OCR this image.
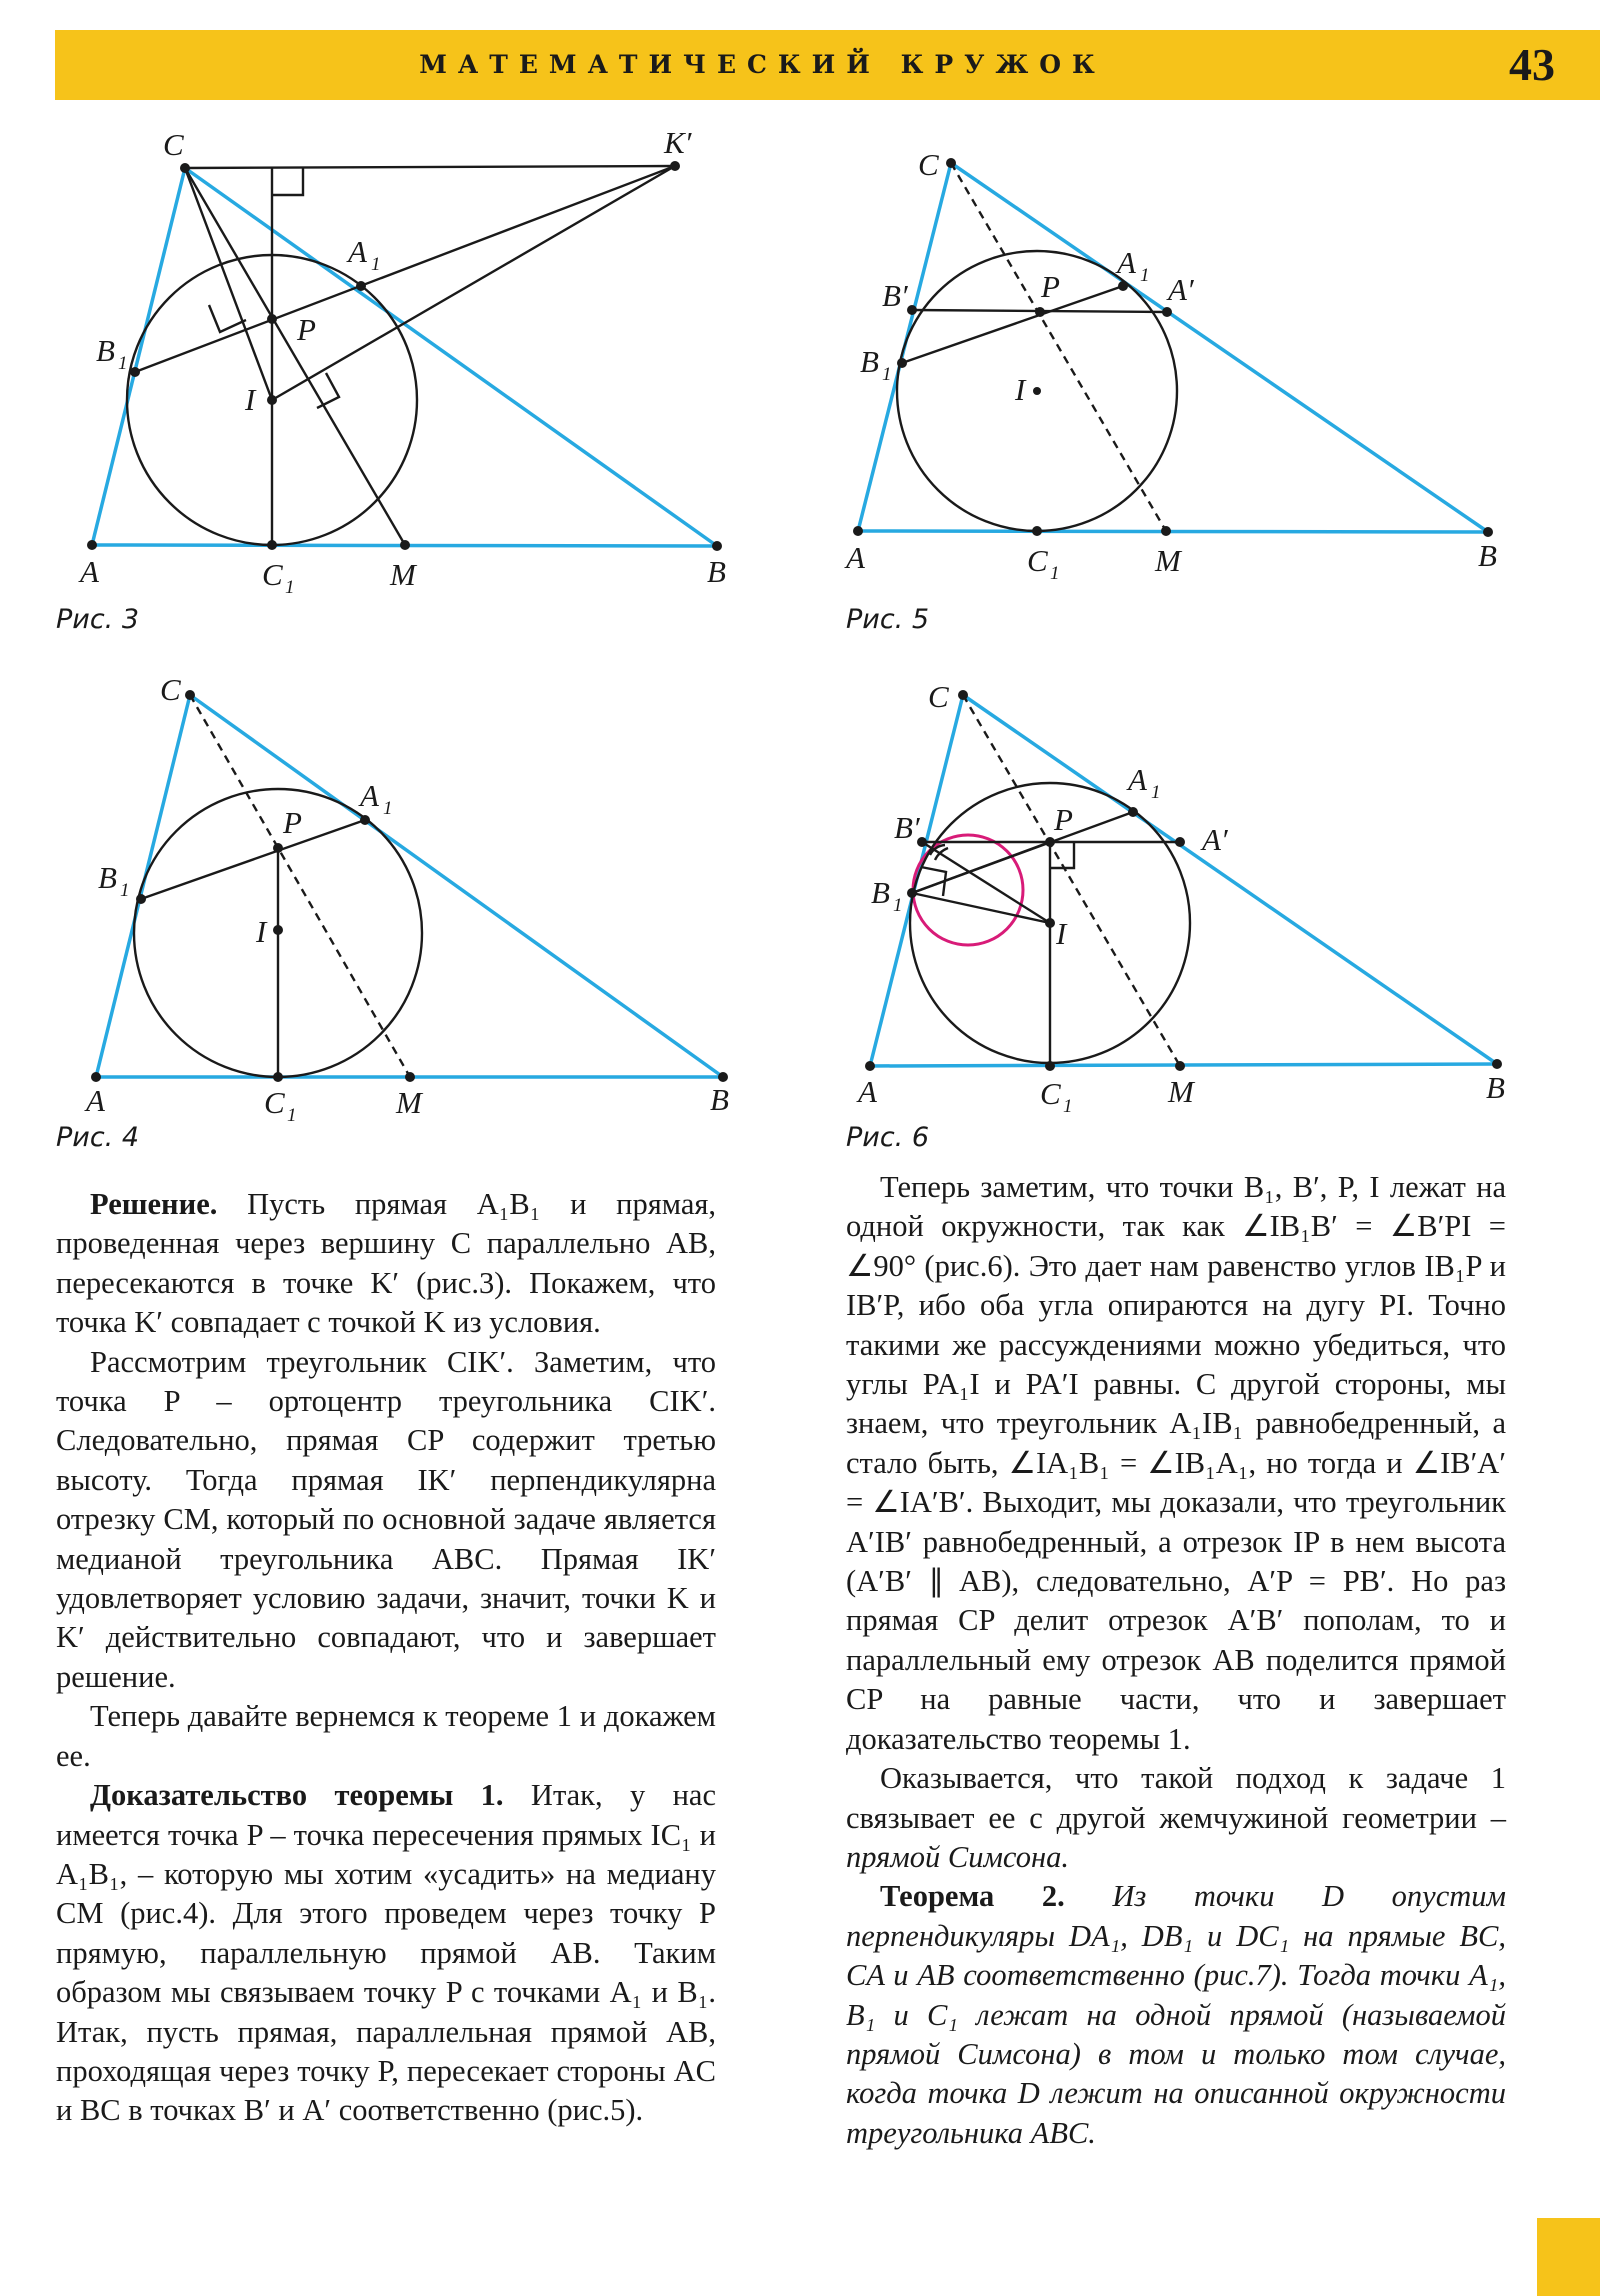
МАТЕМАТИЧЕСКИЙ КРУЖОК	43
C	K′
A 1
B 1
P
I
A	C 1	M	B
Рис. 3
C
A 1
B′	P	A′
B 1	I
A	C 1	M	B
Рис. 5
C
A 1
P
B 1
I
A	C 1	M	B
Рис. 4
C
A 1
B′	P
A′
B 1
I
A	C 1	M	B
Рис. 6

Решение. Пусть прямая A₁B₁ и прямая, проведенная через вершину C параллельно AB, пересекаются в точке K′ (рис.3). Покажем, что точка K′ совпадает с точкой K из условия.

Рассмотрим треугольник CIK′. Заметим, что точка P – ортоцентр треугольника CIK′. Следовательно, прямая CP содержит третью высоту. Тогда прямая IK′ перпендикулярна отрезку CM, который по основной задаче является медианой треугольника ABC. Прямая IK′ удовлетворяет условию задачи, значит, точки K и K′ действительно совпадают, что и завершает решение.

Теперь давайте вернемся к теореме 1 и докажем ее.

Доказательство теоремы 1. Итак, у нас имеется точка P – точка пересечения прямых IC₁ и A₁B₁, – которую мы хотим «усадить» на медиану CM (рис.4). Для этого проведем через точку P прямую, параллельную прямой AB. Таким образом мы связываем точку P с точками A₁ и B₁. Итак, пусть прямая, параллельная прямой AB, проходящая через точку P, пересекает стороны AC и BC в точках B′ и A′ соответственно (рис.5).

Теперь заметим, что точки B₁, B′, P, I лежат на одной окружности, так как ∠IB₁B′ = ∠B′PI = ∠90° (рис.6). Это дает нам равенство углов IB₁P и IB′P, ибо оба угла опираются на дугу PI. Точно такими же рассуждениями можно убедиться, что углы PA₁I и PA′I равны. С другой стороны, мы знаем, что треугольник A₁IB₁ равнобедренный, а стало быть, ∠IA₁B₁ = ∠IB₁A₁, но тогда и ∠IB′A′ = ∠IA′B′. Выходит, мы доказали, что треугольник A′IB′ равнобедренный, а отрезок IP в нем высота (A′B′ ∥ AB), следовательно, A′P = PB′. Но раз прямая CP делит отрезок A′B′ пополам, то и параллельный ему отрезок AB поделится прямой CP на равные части, что и завершает доказательство теоремы 1.

Оказывается, что такой подход к задаче 1 связывает ее с другой жемчужиной геометрии – прямой Симсона.

Теорема 2. Из точки D опустим перпендикуляры DA₁, DB₁ и DC₁ на прямые BC, CA и AB соответственно (рис.7). Тогда точки A₁, B₁ и C₁ лежат на одной прямой (называемой прямой Симсона) в том и только том случае, когда точка D лежит на описанной окружности треугольника ABC.
